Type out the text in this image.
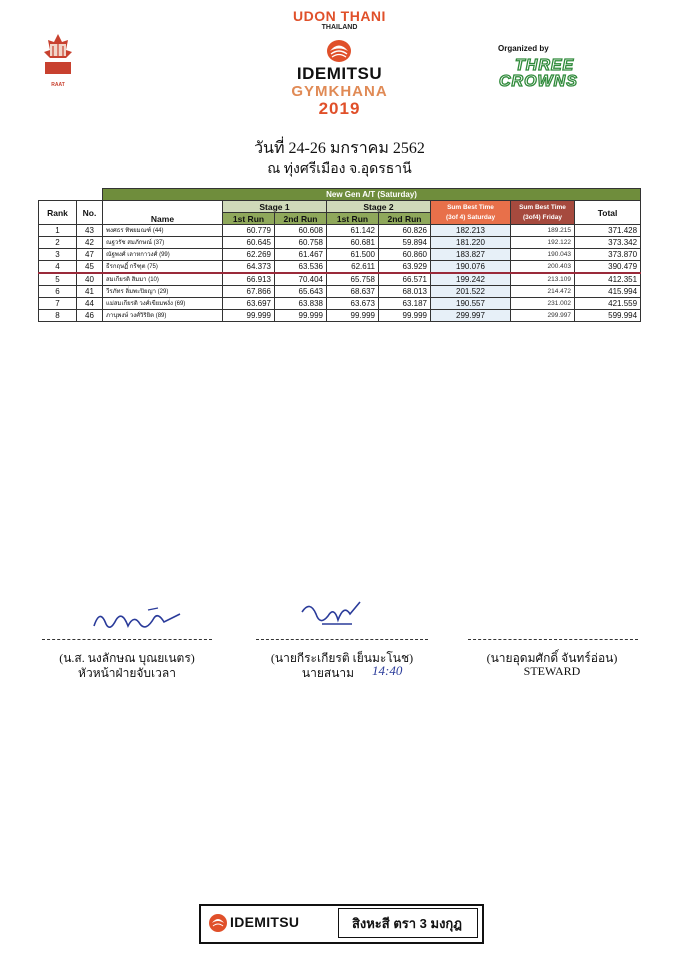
UDON THANI
THAILAND
IDEMITSU
GYMKHANA
2019
วันที่ 24-26 มกราคม 2562
ณ ทุ่งศรีเมือง จ.อุดรธานี
ธรอท
RAAT
Organized by
THREE
CROWNS
		New Gen A/T (Saturday)							
Rank	No.	Name	Stage 1		Stage 2		Sum Best Time
(3of 4) Saturday	Sum Best Time
(3of4) Friday	Total
			1st Run	2nd Run	1st Run	2nd Run			
1	43	พงศธร ทิพยมณฑ์ (44)	60.779	60.608	61.142	60.826	182.213	189.215	371.428
2	42	ณฐวรัช สมภักษณ์ (37)	60.645	60.758	60.681	59.894	181.220	192.122	373.342
3	47	ณัฐพงศ์ เลาหกาวงศ์ (99)	62.269	61.467	61.500	60.860	183.827	190.043	373.870
4	45	ธีรกฤษฏิ์ กรีฑุต (75)	64.373	63.536	62.611	63.929	190.076	200.403	390.479
5	40	สมเกียรติ สิมมา (10)	66.913	70.404	65.758	66.571	199.242	213.109	412.351
6	41	วีรภัทร ลิ่มพะปิยญา (29)	67.866	65.643	68.637	68.013	201.522	214.472	415.994
7	44	แม่สมเกียรติ วงศ์เขียมพงั่ง (69)	63.697	63.838	63.673	63.187	190.557	231.002	421.559
8	46	ภานุพงษ์ วงศ์วิริยิต (89)	99.999	99.999	99.999	99.999	299.997	299.997	599.994
(น.ส. นงลักษณ บุณยเนตร)
หัวหน้าฝ่ายจับเวลา
(นายกีระเกียรติ เย็นมะโนช)
นายสนาม	14:40
(นายอุดมศักดิ์ จันทร์อ่อน)
STEWARD
IDEMITSU	สิงหะสี ตรา 3 มงกุฎ
